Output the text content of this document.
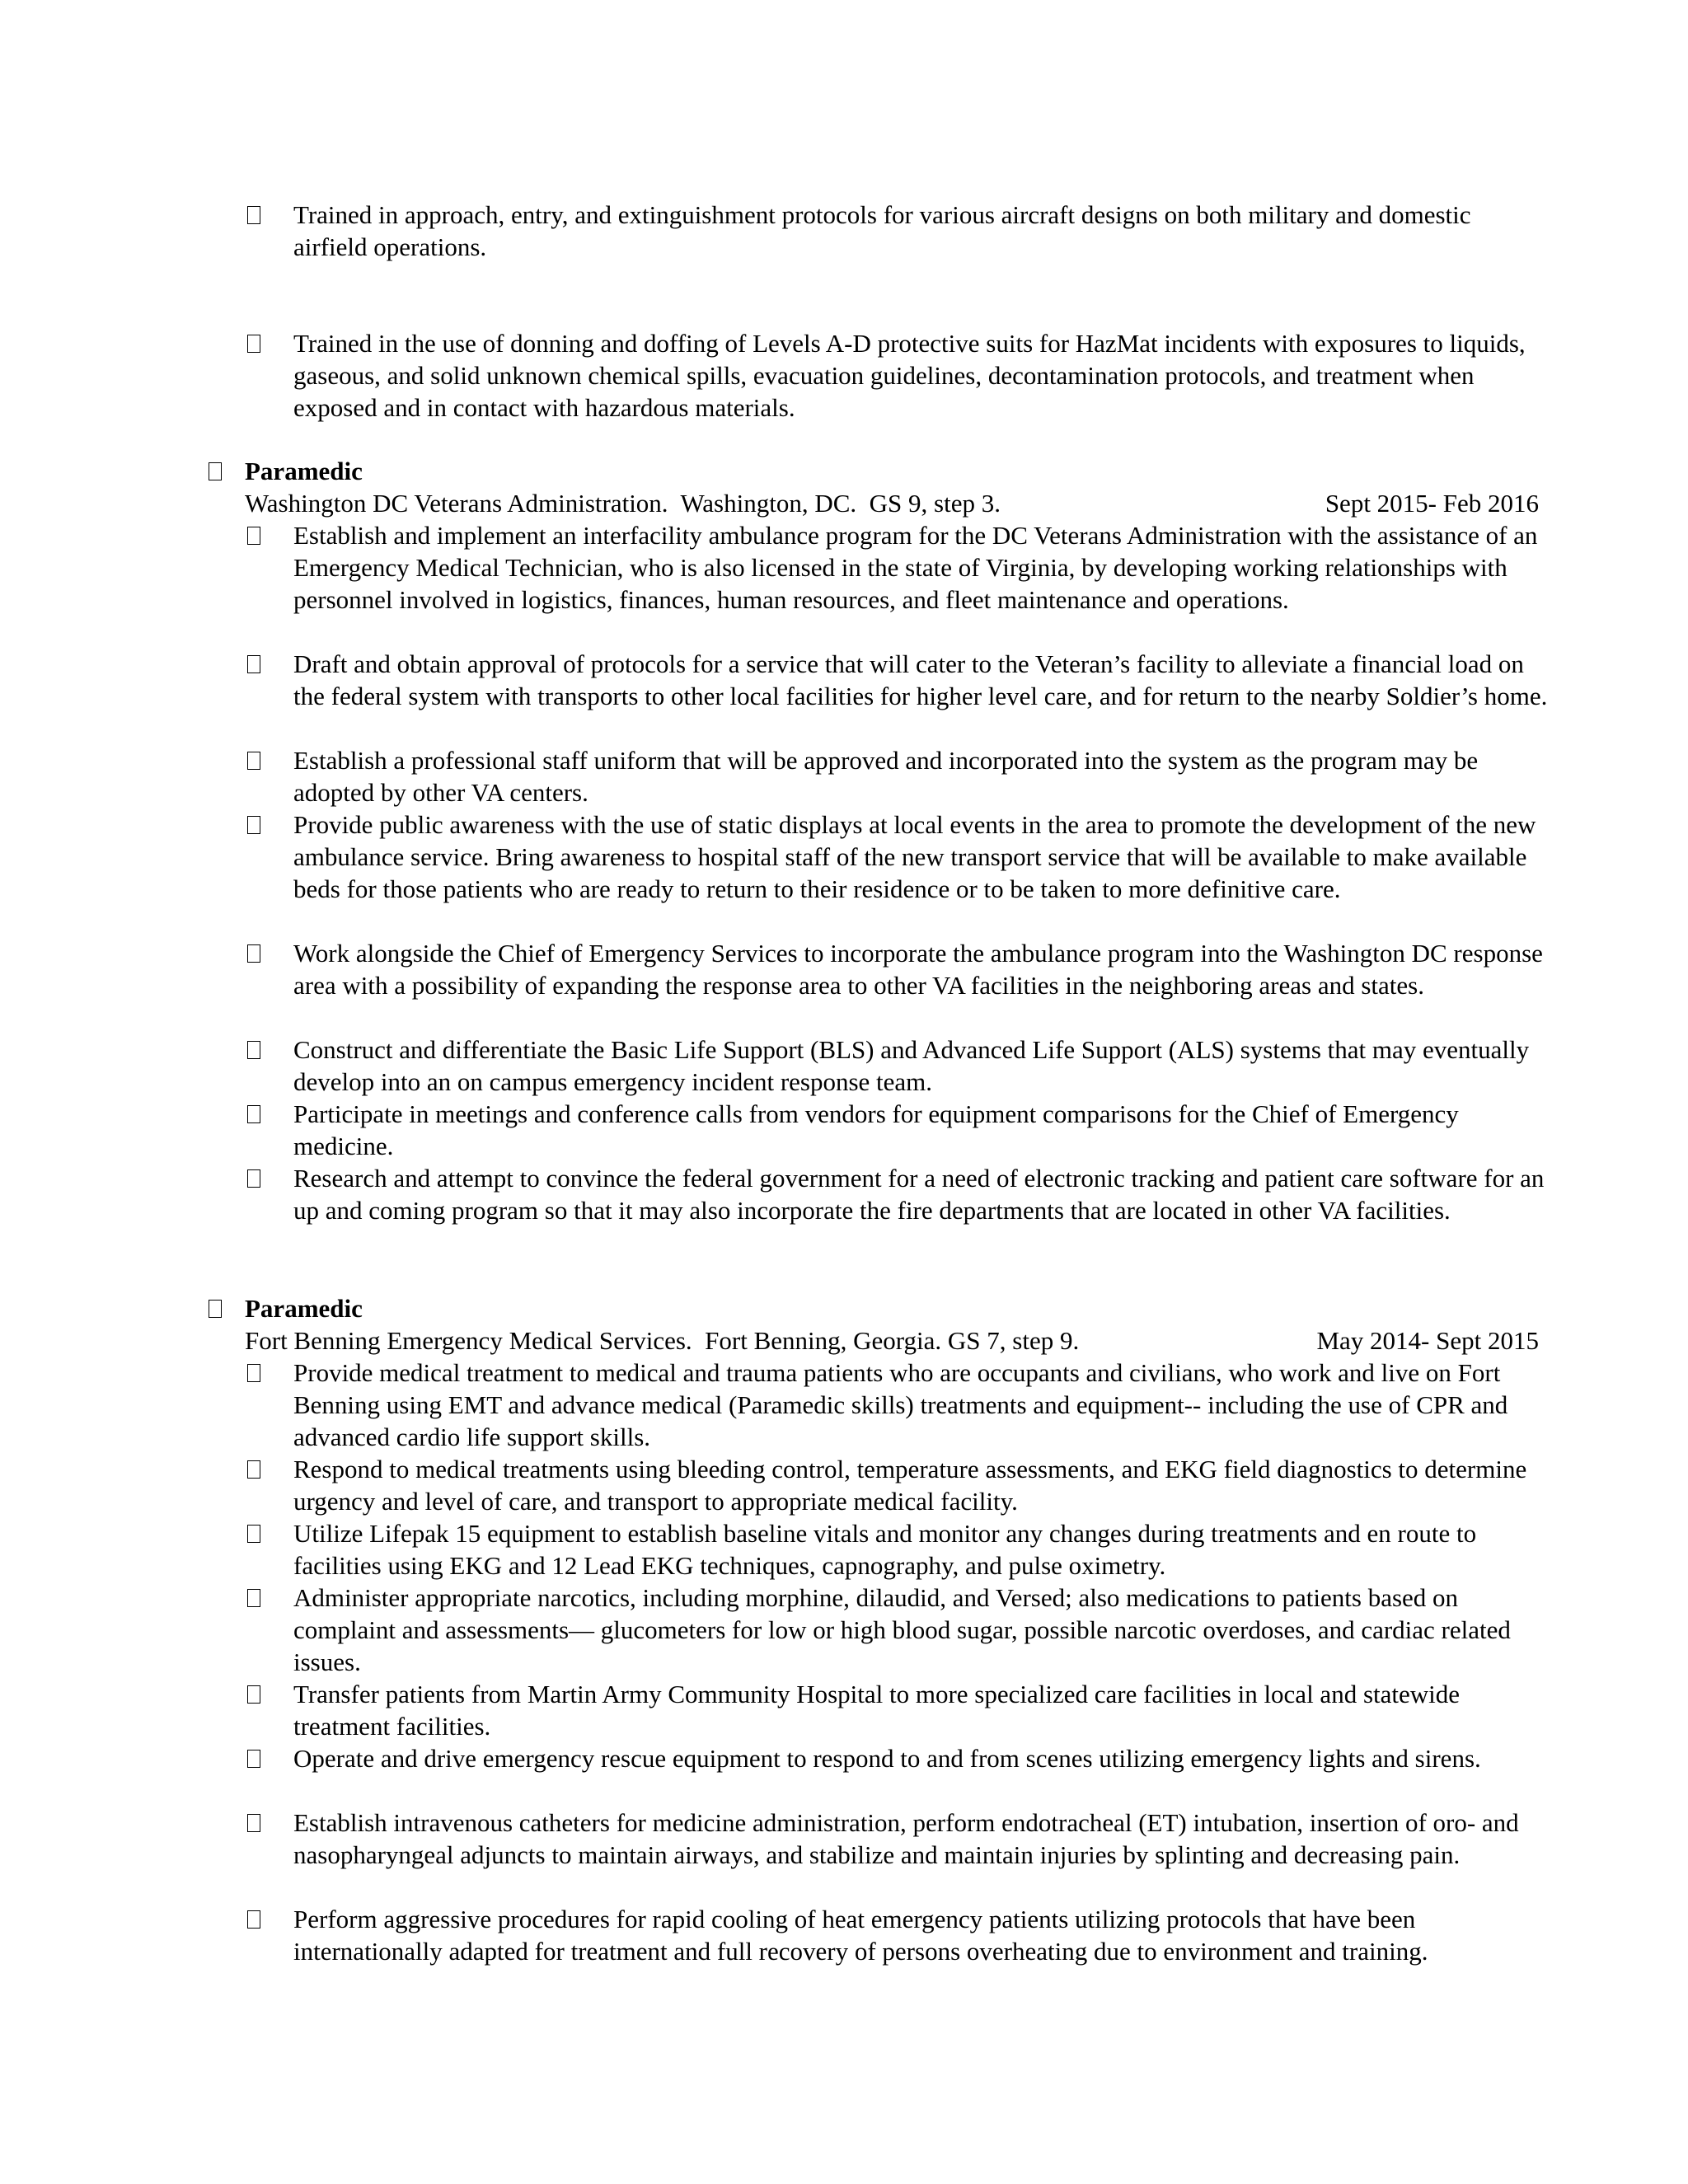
Trained in approach, entry, and extinguishment protocols for various aircraft designs on both military and domestic airfield operations.
Trained in the use of donning and doffing of Levels A-D protective suits for HazMat incidents with exposures to liquids, gaseous, and solid unknown chemical spills, evacuation guidelines, decontamination protocols, and treatment when exposed and in contact with hazardous materials.
Paramedic
Washington DC Veterans Administration.  Washington, DC.  GS 9, step 3.	Sept 2015- Feb 2016
Establish and implement an interfacility ambulance program for the DC Veterans Administration with the assistance of an Emergency Medical Technician, who is also licensed in the state of Virginia, by developing working relationships with personnel involved in logistics, finances, human resources, and fleet maintenance and operations.
Draft and obtain approval of protocols for a service that will cater to the Veteran’s facility to alleviate a financial load on the federal system with transports to other local facilities for higher level care, and for return to the nearby Soldier’s home.
Establish a professional staff uniform that will be approved and incorporated into the system as the program may be adopted by other VA centers.
Provide public awareness with the use of static displays at local events in the area to promote the development of the new ambulance service. Bring awareness to hospital staff of the new transport service that will be available to make available beds for those patients who are ready to return to their residence or to be taken to more definitive care.
Work alongside the Chief of Emergency Services to incorporate the ambulance program into the Washington DC response area with a possibility of expanding the response area to other VA facilities in the neighboring areas and states.
Construct and differentiate the Basic Life Support (BLS) and Advanced Life Support (ALS) systems that may eventually develop into an on campus emergency incident response team.
Participate in meetings and conference calls from vendors for equipment comparisons for the Chief of Emergency medicine.
Research and attempt to convince the federal government for a need of electronic tracking and patient care software for an up and coming program so that it may also incorporate the fire departments that are located in other VA facilities.
Paramedic
Fort Benning Emergency Medical Services.  Fort Benning, Georgia. GS 7, step 9.	May 2014- Sept 2015
Provide medical treatment to medical and trauma patients who are occupants and civilians, who work and live on Fort Benning using EMT and advance medical (Paramedic skills) treatments and equipment-- including the use of CPR and advanced cardio life support skills.
Respond to medical treatments using bleeding control, temperature assessments, and EKG field diagnostics to determine urgency and level of care, and transport to appropriate medical facility.
Utilize Lifepak 15 equipment to establish baseline vitals and monitor any changes during treatments and en route to facilities using EKG and 12 Lead EKG techniques, capnography, and pulse oximetry.
Administer appropriate narcotics, including morphine, dilaudid, and Versed; also medications to patients based on complaint and assessments— glucometers for low or high blood sugar, possible narcotic overdoses, and cardiac related issues.
Transfer patients from Martin Army Community Hospital to more specialized care facilities in local and statewide treatment facilities.
Operate and drive emergency rescue equipment to respond to and from scenes utilizing emergency lights and sirens.
Establish intravenous catheters for medicine administration, perform endotracheal (ET) intubation, insertion of oro- and nasopharyngeal adjuncts to maintain airways, and stabilize and maintain injuries by splinting and decreasing pain.
Perform aggressive procedures for rapid cooling of heat emergency patients utilizing protocols that have been internationally adapted for treatment and full recovery of persons overheating due to environment and training.
